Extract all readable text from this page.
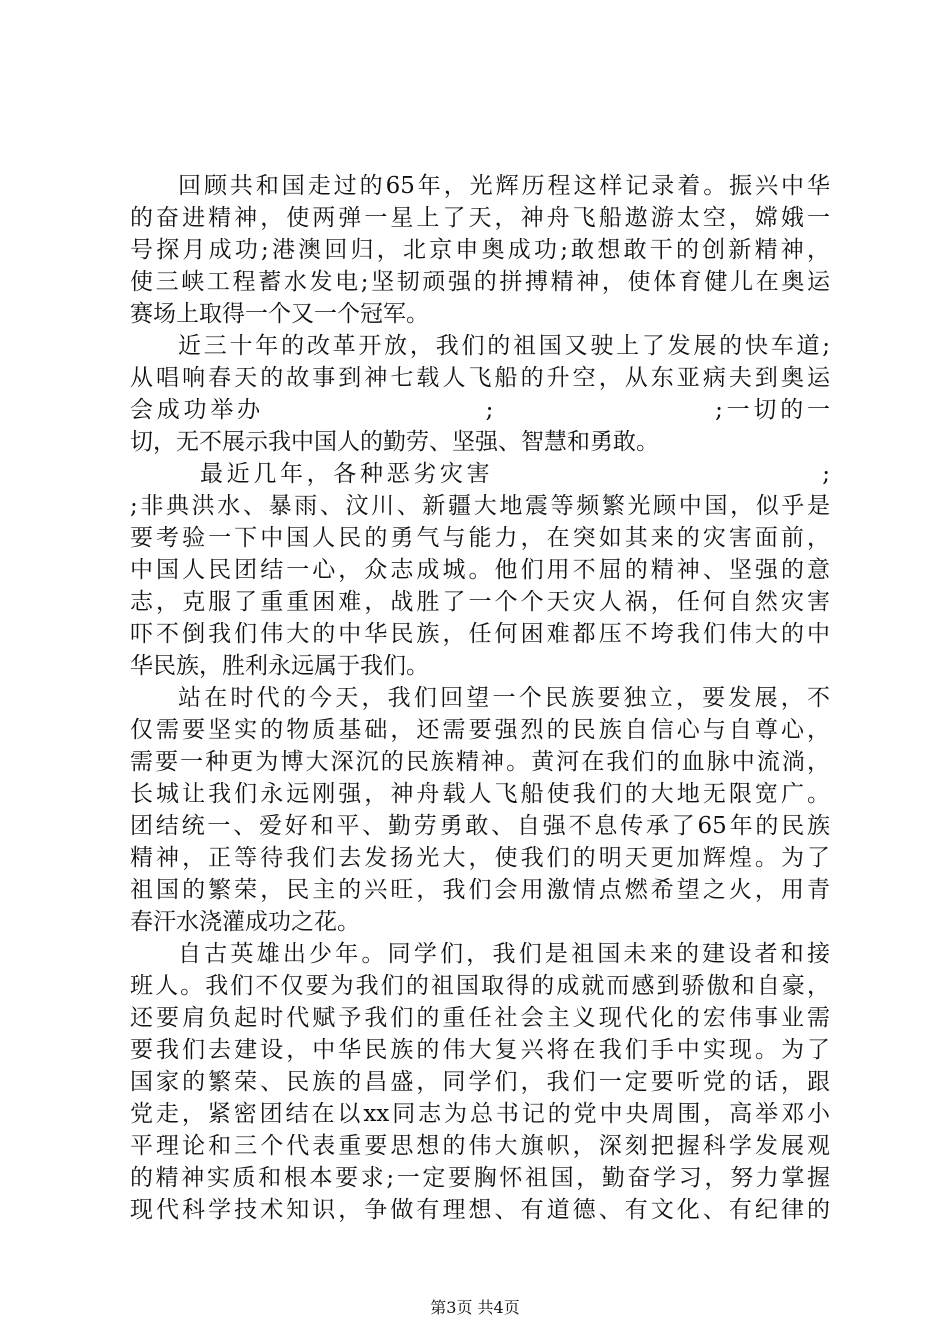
回顾共和国走过的65年，光辉历程这样记录着。振兴中华
的奋进精神，使两弹一星上了天，神舟飞船遨游太空，嫦娥一
号探月成功;港澳回归，北京申奥成功;敢想敢干的创新精神，
使三峡工程蓄水发电;坚韧顽强的拼搏精神，使体育健儿在奥运
赛场上取得一个又一个冠军。
近三十年的改革开放，我们的祖国又驶上了发展的快车道;
从唱响春天的故事到神七载人飞船的升空，从东亚病夫到奥运
会成功举办                    ;                    ;一切的一
切，无不展示我中国人的勤劳、坚强、智慧和勇敢。
最近几年，各种恶劣灾害                              ;
;非典洪水、暴雨、汶川、新疆大地震等频繁光顾中国，似乎是
要考验一下中国人民的勇气与能力，在突如其来的灾害面前，
中国人民团结一心，众志成城。他们用不屈的精神、坚强的意
志，克服了重重困难，战胜了一个个天灾人祸，任何自然灾害
吓不倒我们伟大的中华民族，任何困难都压不垮我们伟大的中
华民族，胜利永远属于我们。
站在时代的今天，我们回望一个民族要独立，要发展，不
仅需要坚实的物质基础，还需要强烈的民族自信心与自尊心，
需要一种更为博大深沉的民族精神。黄河在我们的血脉中流淌，
长城让我们永远刚强，神舟载人飞船使我们的大地无限宽广。
团结统一、爱好和平、勤劳勇敢、自强不息传承了65年的民族
精神，正等待我们去发扬光大，使我们的明天更加辉煌。为了
祖国的繁荣，民主的兴旺，我们会用激情点燃希望之火，用青
春汗水浇灌成功之花。
自古英雄出少年。同学们，我们是祖国未来的建设者和接
班人。我们不仅要为我们的祖国取得的成就而感到骄傲和自豪，
还要肩负起时代赋予我们的重任社会主义现代化的宏伟事业需
要我们去建设，中华民族的伟大复兴将在我们手中实现。为了
国家的繁荣、民族的昌盛，同学们，我们一定要听党的话，跟
党走，紧密团结在以xx同志为总书记的党中央周围，高举邓小
平理论和三个代表重要思想的伟大旗帜，深刻把握科学发展观
的精神实质和根本要求;一定要胸怀祖国，勤奋学习，努力掌握
现代科学技术知识，争做有理想、有道德、有文化、有纪律的
第3页 共4页
